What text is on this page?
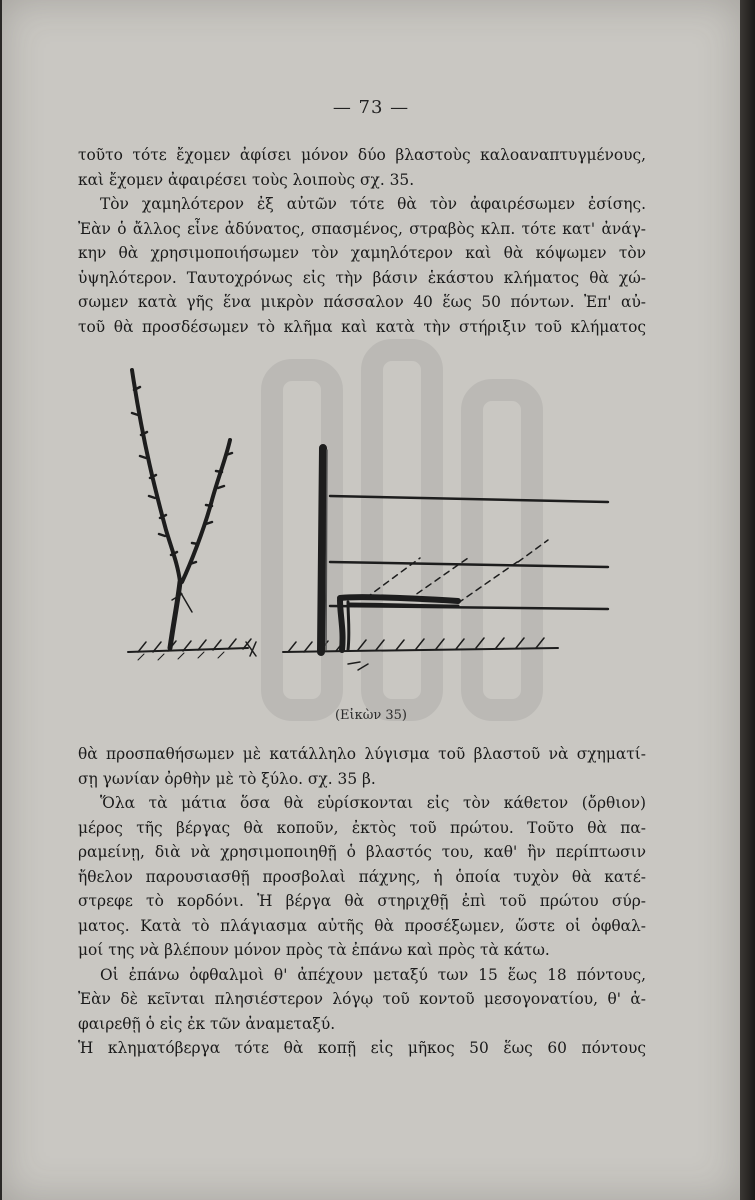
— 73 —
τοῦτο τότε ἔχομεν ἀφίσει μόνον δύο βλαστοὺς καλοαναπτυγμένους,
καὶ ἔχομεν ἀφαιρέσει τοὺς λοιποὺς σχ. 35.
Τὸν χαμηλότερον ἐξ αὐτῶν τότε θὰ τὸν ἀφαιρέσωμεν ἐσίσης.
Ἐὰν ὁ ἄλλος εἶνε ἀδύνατος, σπασμένος, στραβὸς κλπ. τότε κατ' ἀνάγ-
κην θὰ χρησιμοποιήσωμεν τὸν χαμηλότερον καὶ θὰ κόψωμεν τὸν
ὑψηλότερον. Ταυτοχρόνως εἰς τὴν βάσιν ἑκάστου κλήματος θὰ χώ-
σωμεν κατὰ γῆς ἕνα μικρὸν πάσσαλον 40 ἕως 50 πόντων. Ἐπ' αὐ-
τοῦ θὰ προσδέσωμεν τὸ κλῆμα καὶ κατὰ τὴν στήριξιν τοῦ κλήματος
(Εἰκὼν 35)
θὰ προσπαθήσωμεν μὲ κατάλληλο λύγισμα τοῦ βλαστοῦ νὰ σχηματί-
σῃ γωνίαν ὀρθὴν μὲ τὸ ξύλο. σχ. 35 β.
Ὅλα τὰ μάτια ὅσα θὰ εὑρίσκονται εἰς τὸν κάθετον (ὄρθιον)
μέρος τῆς βέργας θὰ κοποῦν, ἐκτὸς τοῦ πρώτου. Τοῦτο θὰ πα-
ραμείνῃ, διὰ νὰ χρησιμοποιηθῇ ὁ βλαστός του, καθ' ἣν περίπτωσιν
ἤθελον παρουσιασθῇ προσβολαὶ πάχνης, ἡ ὁποία τυχὸν θὰ κατέ-
στρεφε τὸ κορδόνι. Ἡ βέργα θὰ στηριχθῇ ἐπὶ τοῦ πρώτου σύρ-
ματος. Κατὰ τὸ πλάγιασμα αὐτῆς θὰ προσέξωμεν, ὥστε οἱ ὀφθαλ-
μοί της νὰ βλέπουν μόνον πρὸς τὰ ἐπάνω καὶ πρὸς τὰ κάτω.
Οἱ ἐπάνω ὀφθαλμοὶ θ' ἀπέχουν μεταξύ των 15 ἕως 18 πόντους,
Ἐὰν δὲ κεῖνται πλησιέστερον λόγῳ τοῦ κοντοῦ μεσογονατίου, θ' ἀ-
φαιρεθῇ ὁ εἰς ἐκ τῶν ἀναμεταξύ.
Ἡ κληματόβεργα τότε θὰ κοπῇ εἰς μῆκος 50 ἕως 60 πόντους
